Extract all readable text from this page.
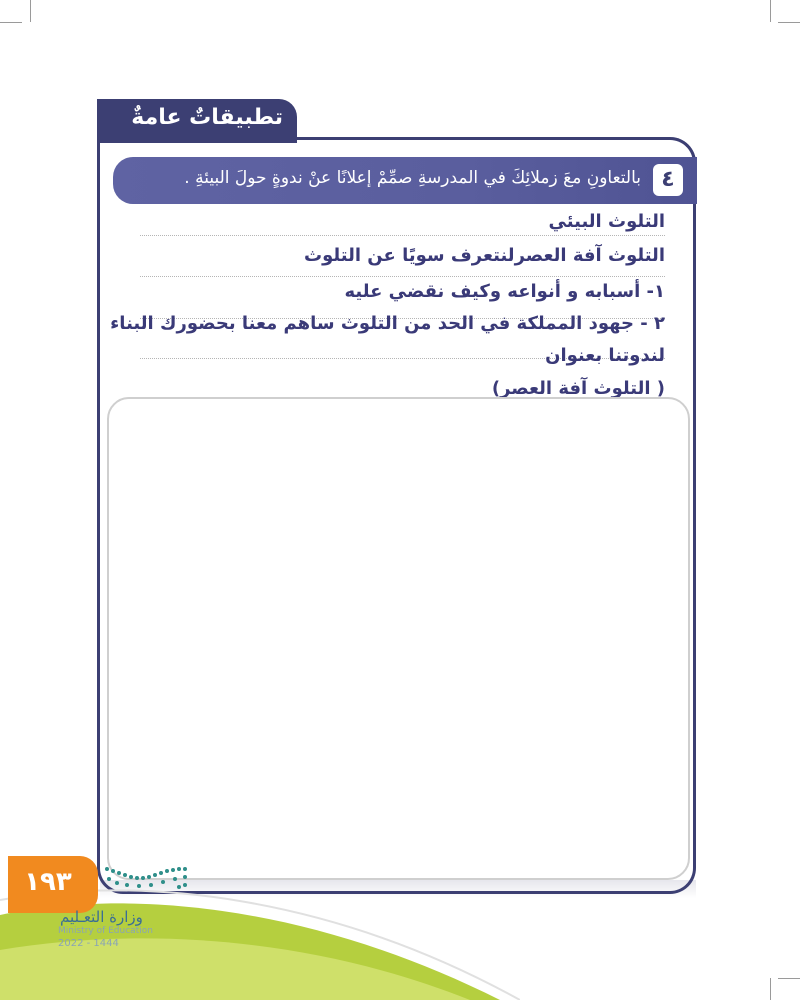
تطبيقاتٌ عامةٌ
٤
بالتعاونِ معَ زملائِكَ في المدرسةِ صمِّمْ إعلانًا عنْ ندوةٍ حولَ البيئةِ .
التلوث البيئي
التلوث آفة العصرلنتعرف سويًا عن التلوث
١- أسبابه و أنواعه وكيف نقضي عليه
٢ - جهود المملكة في الحد من التلوث ساهم معنا بحضورك البناء
لندوتنا بعنوان
( التلوث آفة العصر)
١٩٣
وزارة التعـليم
Ministry of Education
2022 - 1444
